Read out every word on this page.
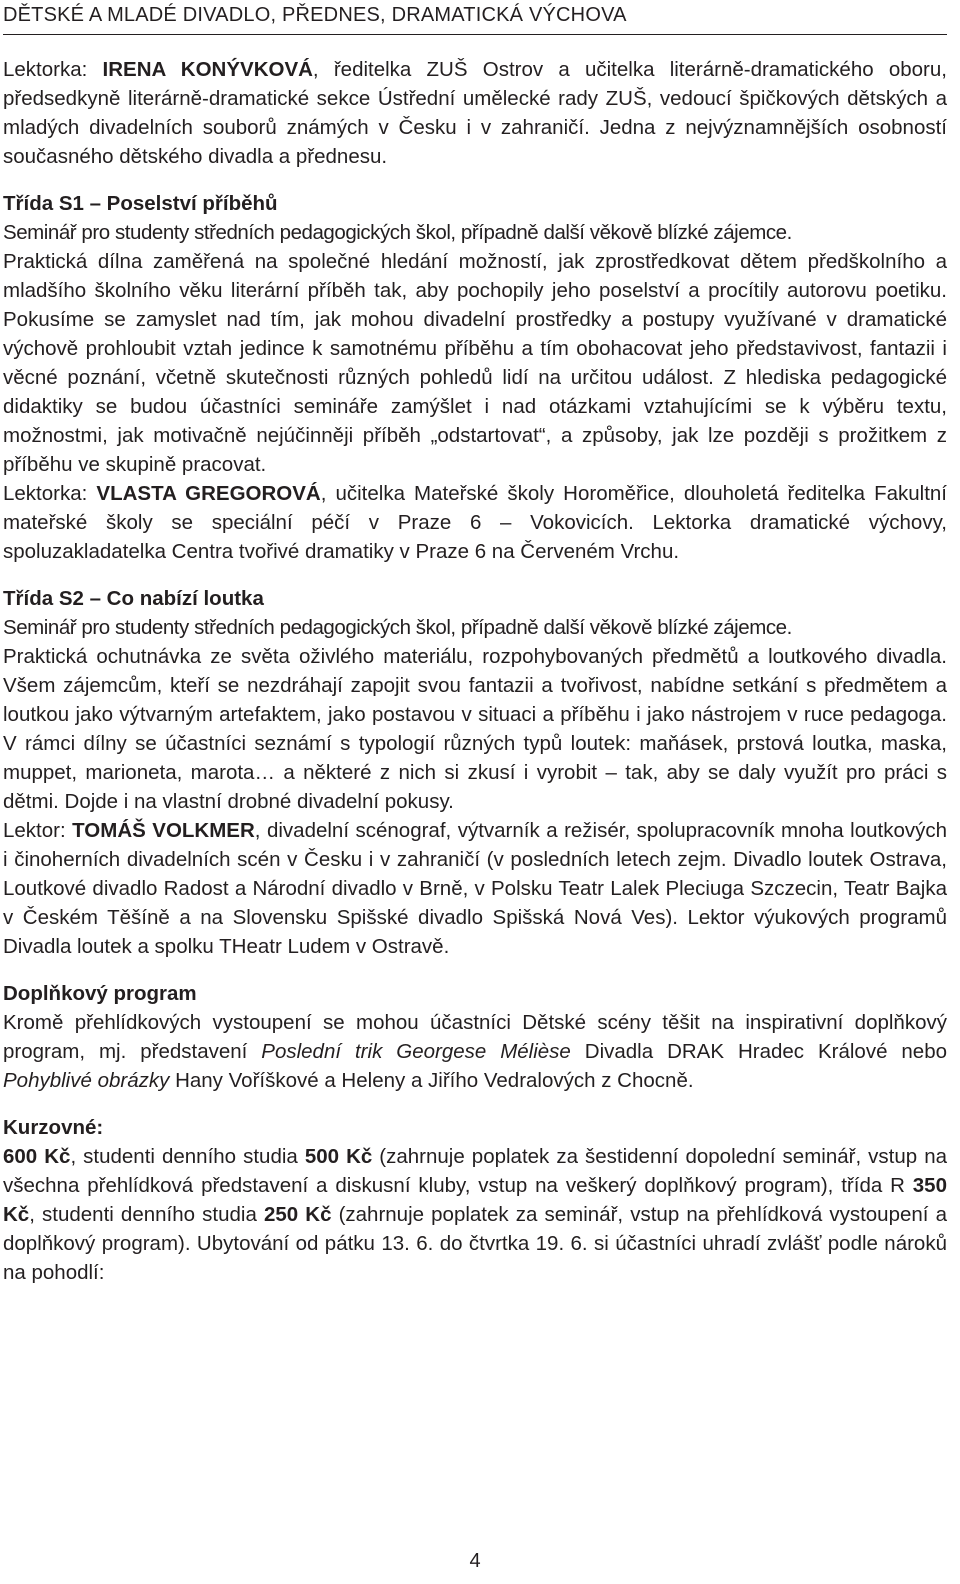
DĚTSKÉ A MLADÉ DIVADLO, PŘEDNES, DRAMATICKÁ VÝCHOVA

Lektorka: IRENA KONÝVKOVÁ, ředitelka ZUŠ Ostrov a učitelka literárně-dramatického oboru, předsedkyně literárně-dramatické sekce Ústřední umělecké rady ZUŠ, vedoucí špičkových dětských a mladých divadelních souborů známých v Česku i v zahraničí. Jedna z nejvýznamnějších osobností současného dětského divadla a přednesu.

Třída S1 – Poselství příběhů

Seminář pro studenty středních pedagogických škol, případně další věkově blízké zájemce.

Praktická dílna zaměřená na společné hledání možností, jak zprostředkovat dětem předškolního a mladšího školního věku literární příběh tak, aby pochopily jeho poselství a procítily autorovu poetiku. Pokusíme se zamyslet nad tím, jak mohou divadelní prostředky a postupy využívané v dramatické výchově prohloubit vztah jedince k samotnému příběhu a tím obohacovat jeho představivost, fantazii i věcné poznání, včetně skutečnosti různých pohledů lidí na určitou událost. Z hlediska pedagogické didaktiky se budou účastníci semináře zamýšlet i nad otázkami vztahujícími se k výběru textu, možnostmi, jak motivačně nejúčinněji příběh „odstartovat“, a způsoby, jak lze později s prožitkem z příběhu ve skupině pracovat.

Lektorka: VLASTA GREGOROVÁ, učitelka Mateřské školy Horoměřice, dlouholetá ředitelka Fakultní mateřské školy se speciální péčí v Praze 6 – Vokovicích. Lektorka dramatické výchovy, spoluzakladatelka Centra tvořivé dramatiky v Praze 6 na Červeném Vrchu.

Třída S2 – Co nabízí loutka

Seminář pro studenty středních pedagogických škol, případně další věkově blízké zájemce.

Praktická ochutnávka ze světa oživlého materiálu, rozpohybovaných předmětů a loutkového divadla. Všem zájemcům, kteří se nezdráhají zapojit svou fantazii a tvořivost, nabídne setkání s předmětem a loutkou jako výtvarným artefaktem, jako postavou v situaci a příběhu i jako nástrojem v ruce pedagoga. V rámci dílny se účastníci seznámí s typologií různých typů loutek: maňásek, prstová loutka, maska, muppet, marioneta, marota… a některé z nich si zkusí i vyrobit – tak, aby se daly využít pro práci s dětmi. Dojde i na vlastní drobné divadelní pokusy.

Lektor: TOMÁŠ VOLKMER, divadelní scénograf, výtvarník a režisér, spolupracovník mnoha loutkových i činoherních divadelních scén v Česku i v zahraničí (v posledních letech zejm. Divadlo loutek Ostrava, Loutkové divadlo Radost a Národní divadlo v Brně, v Polsku Teatr Lalek Pleciuga Szczecin, Teatr Bajka v Českém Těšíně a na Slovensku Spišské divadlo Spišská Nová Ves). Lektor výukových programů Divadla loutek a spolku THeatr Ludem v Ostravě.

Doplňkový program

Kromě přehlídkových vystoupení se mohou účastníci Dětské scény těšit na inspirativní doplňkový program, mj. představení Poslední trik Georgese Méliѐse Divadla DRAK Hradec Králové nebo Pohyblivé obrázky Hany Voříškové a Heleny a Jiřího Vedralových z Chocně.

Kurzovné:

600 Kč, studenti denního studia 500 Kč (zahrnuje poplatek za šestidenní dopolední seminář, vstup na všechna přehlídková představení a diskusní kluby, vstup na veškerý doplňkový program), třída R 350 Kč, studenti denního studia 250 Kč (zahrnuje poplatek za seminář, vstup na přehlídková vystoupení a doplňkový program). Ubytování od pátku 13. 6. do čtvrtka 19. 6. si účastníci uhradí zvlášť podle nároků na pohodlí:

4
